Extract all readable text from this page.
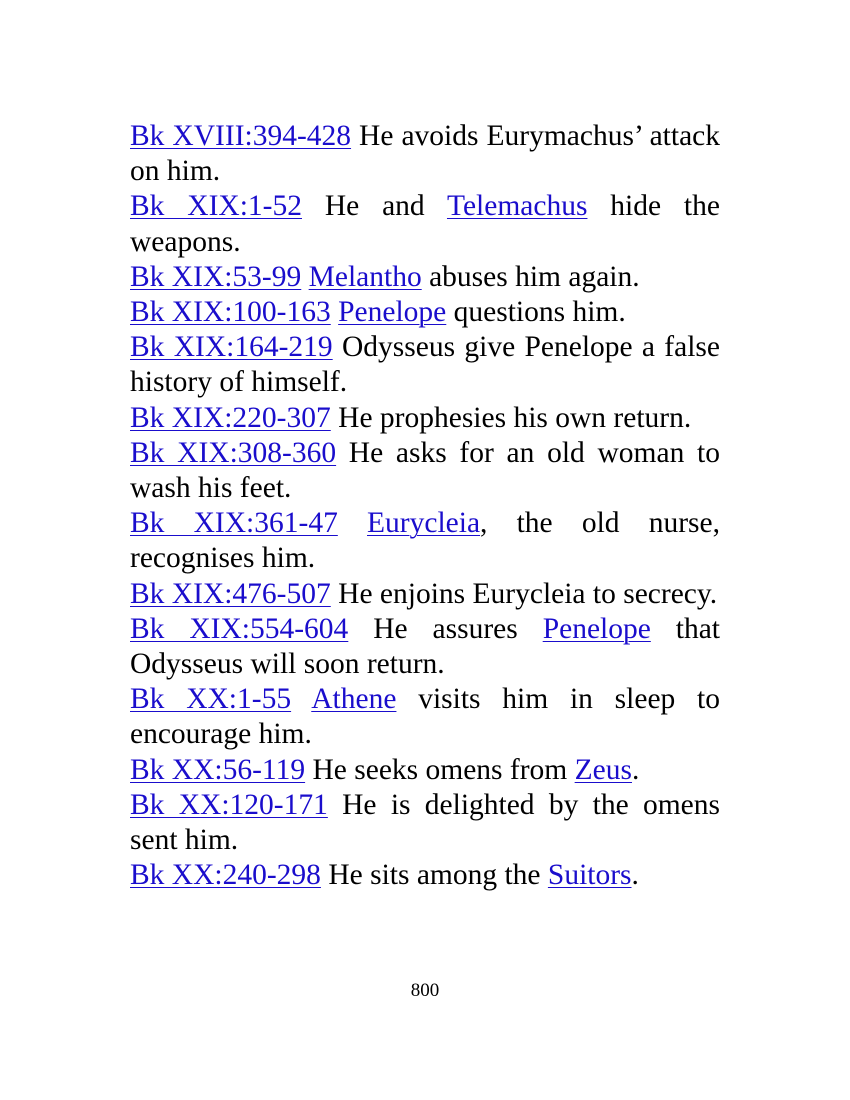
Bk XVIII:394-428 He avoids Eurymachus’ attack on him.

Bk XIX:1-52 He and Telemachus hide the weapons.

Bk XIX:53-99 Melantho abuses him again.

Bk XIX:100-163 Penelope questions him.

Bk XIX:164-219 Odysseus give Penelope a false history of himself.

Bk XIX:220-307 He prophesies his own return.

Bk XIX:308-360 He asks for an old woman to wash his feet.

Bk XIX:361-47 Eurycleia, the old nurse, recognises him.

Bk XIX:476-507 He enjoins Eurycleia to secrecy.

Bk XIX:554-604 He assures Penelope that Odysseus will soon return.

Bk XX:1-55 Athene visits him in sleep to encourage him.

Bk XX:56-119 He seeks omens from Zeus.

Bk XX:120-171 He is delighted by the omens sent him.

Bk XX:240-298 He sits among the Suitors.

800
